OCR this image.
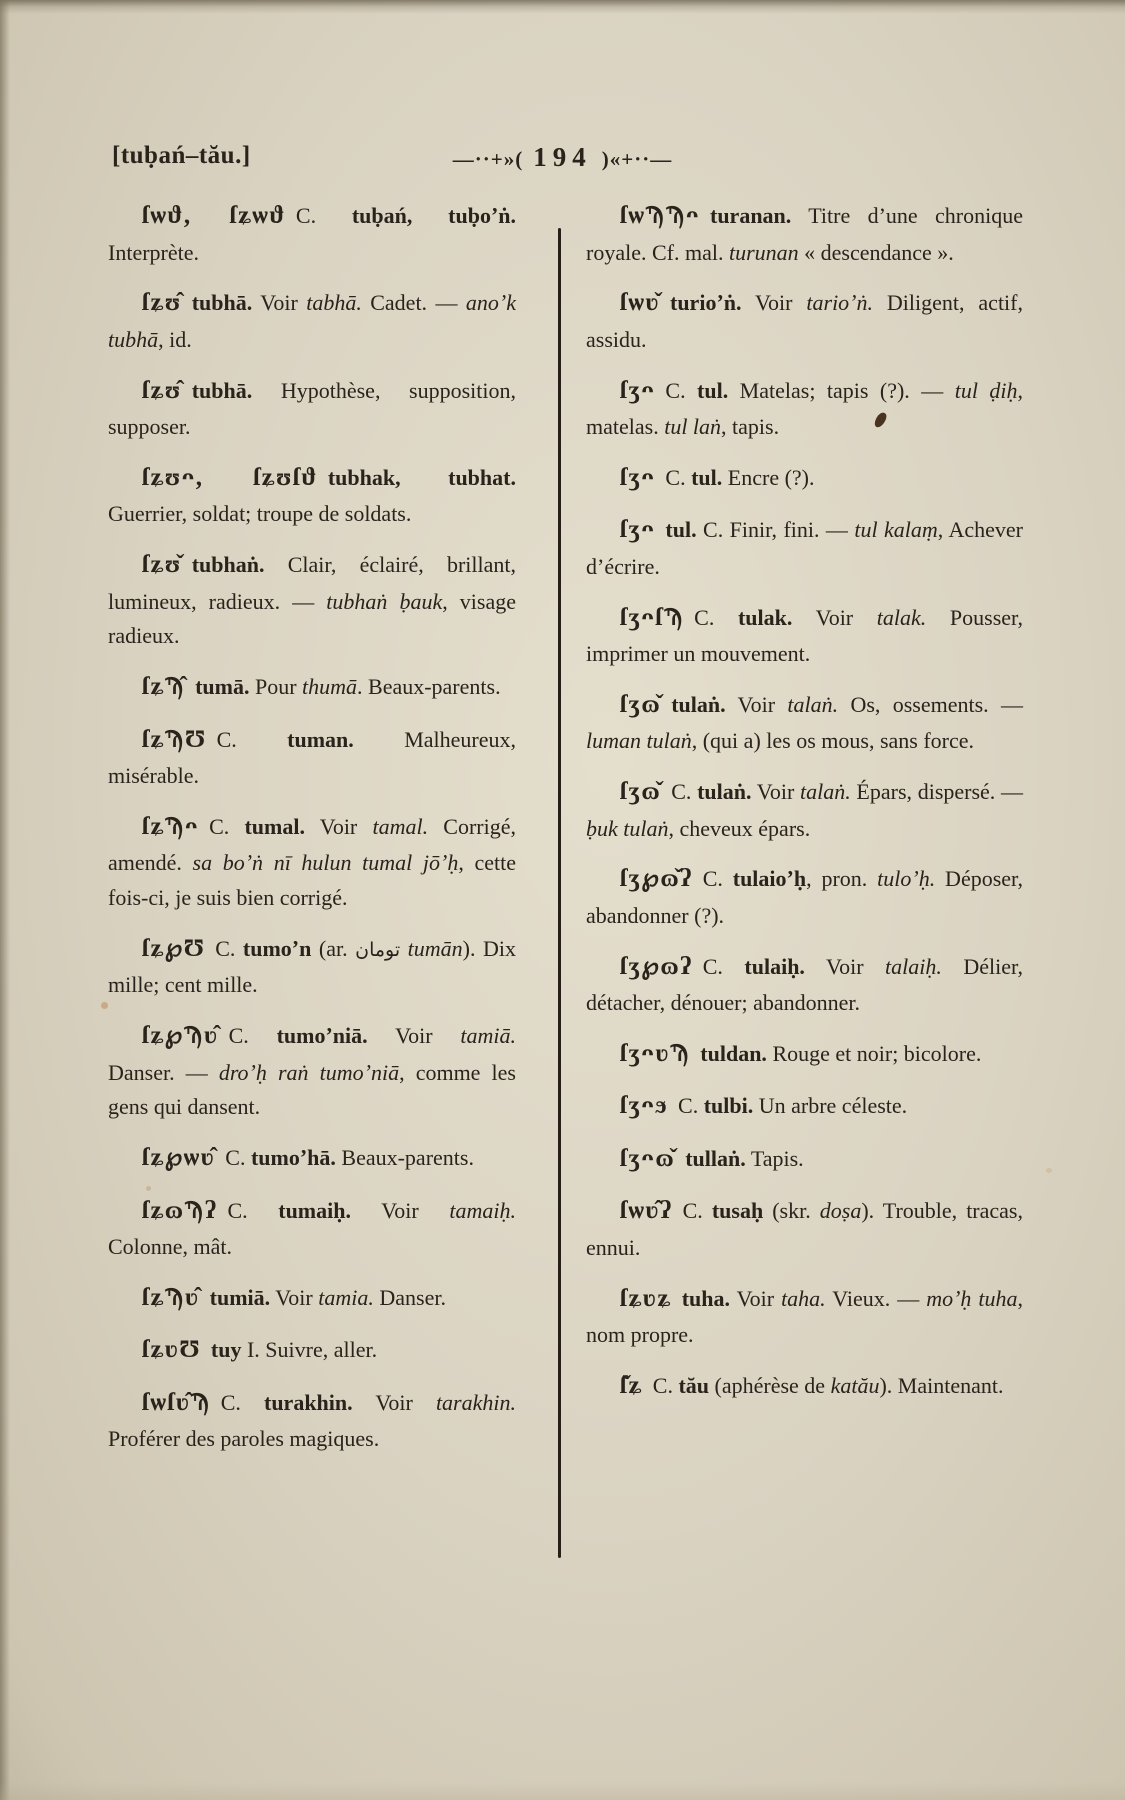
[tuḅań–tău.]	—··+»( 194 )«+··—

ſѡϑ, ſʑѡϑ C. tuḅań, tuḅoʼṅ. Interprète.

ſʑʊ̂ tubhā. Voir tabhā. Cadet. — anoʼk tubhā, id.

ſʑʊ̂ tubhā. Hypothèse, supposition, supposer.

ſʑʊᴖ, ſʑʊſϑ tubhak, tubhat. Guerrier, soldat; troupe de soldats.

ſʑʊ̌ tubhaṅ. Clair, éclairé, brillant, lumineux, radieux. — tubhaṅ ḅauk, visage radieux.

ſʑϠ̂ tumā. Pour thumā. Beaux-parents.

ſʑϠƱ C. tuman. Malheureux, misérable.

ſʑϠᴖ C. tumal. Voir tamal. Corrigé, amendé. sa boʼṅ nī hulun tumal jōʼḥ, cette fois-ci, je suis bien corrigé.

ſʑ℘Ʊ C. tumoʼn (ar. تومان tumān). Dix mille; cent mille.

ſʑ℘Ϡʋ̂ C. tumoʼniā. Voir tamiā. Danser. — droʼḥ raṅ tumoʼniā, comme les gens qui dansent.

ſʑ℘ѡʋ̂ C. tumoʼhā. Beaux-parents.

ſʑɷϠʔ C. tumaiḥ. Voir tamaiḥ. Colonne, mât.

ſʑϠʋ̂ tumiā. Voir tamia. Danser.

ſʑʋƱ tuy I. Suivre, aller.

ſѡſʋ̂Ϡ C. turakhin. Voir tarakhin. Proférer des paroles magiques.

ſѡϠϠᴖ turanan. Titre d’une chronique royale. Cf. mal. turunan « descendance ».

ſѡʋ̌ turioʼṅ. Voir tarioʼṅ. Diligent, actif, assidu.

ſʒᴖ C. tul. Matelas; tapis (?). — tul ḍiḥ, matelas. tul laṅ, tapis.

ſʒᴖ C. tul. Encre (?).

ſʒᴖ tul. C. Finir, fini. — tul kalaṃ, Achever d’écrire.

ſʒᴖſϠ C. tulak. Voir talak. Pousser, imprimer un mouvement.

ſʒɷ̌ tulaṅ. Voir talaṅ. Os, ossements. — luman tulaṅ, (qui a) les os mous, sans force.

ſʒɷ̌ C. tulaṅ. Voir talaṅ. Épars, dispersé. — ḅuk tulaṅ, cheveux épars.

ſʒ℘ɷ̌ʔ C. tulaioʼḥ, pron. tuloʼḥ. Déposer, abandonner (?).

ſʒ℘ɷʔ C. tulaiḥ. Voir talaiḥ. Délier, détacher, dénouer; abandonner.

ſʒᴖʋϠ tuldan. Rouge et noir; bicolore.

ſʒᴖϧ C. tulbi. Un arbre céleste.

ſʒᴖɷ̌ tullaṅ. Tapis.

ſѡʋ̂ʔ C. tusaḥ (skr. doṣa). Trouble, tracas, ennui.

ſʑʋʑ tuha. Voir taha. Vieux. — moʼḥ tuha, nom propre.

ſ̌ʑ C. tău (aphérèse de katău). Maintenant.
